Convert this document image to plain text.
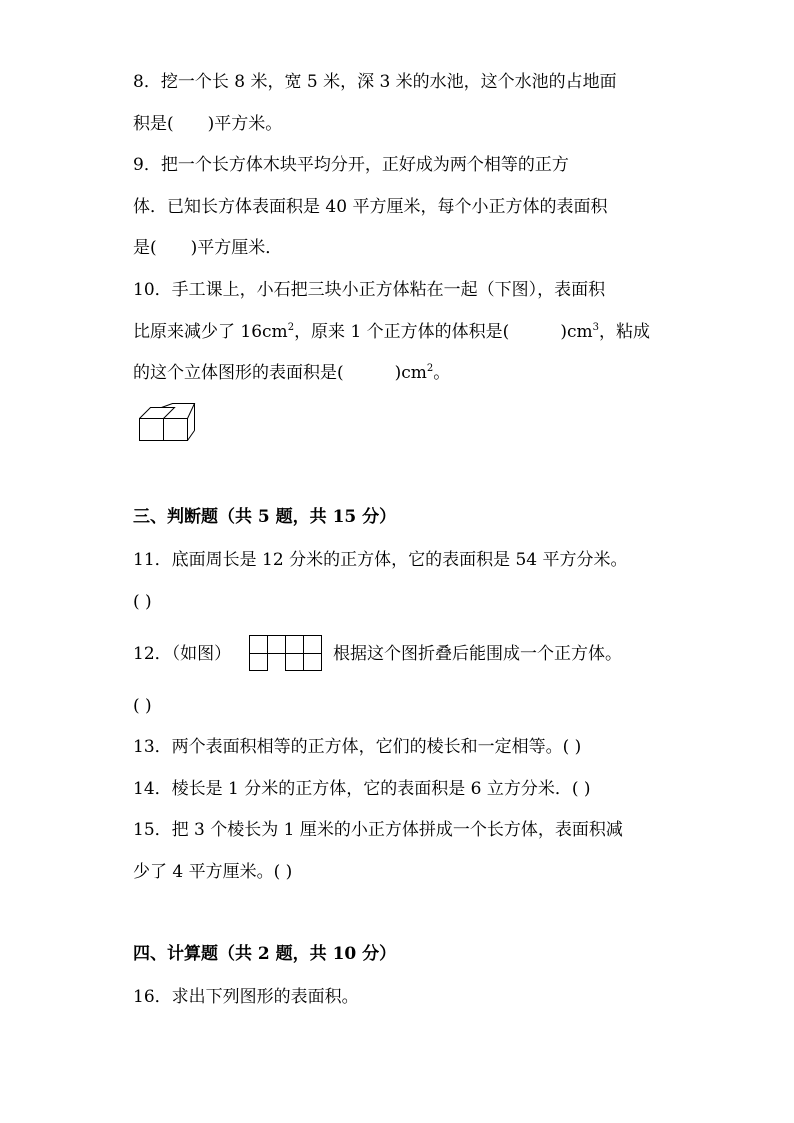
8．挖一个长 8 米，宽 5 米，深 3 米的水池，这个水池的占地面
积是(　　)平方米。
9．把一个长方体木块平均分开，正好成为两个相等的正方
体．已知长方体表面积是 40 平方厘米，每个小正方体的表面积
是(　　)平方厘米．
10．手工课上，小石把三块小正方体粘在一起（下图），表面积
比原来减少了 $16cm^2$，原来 1 个正方体的体积是(　　　)$cm^3$，粘成
的这个立体图形的表面积是(　　　)$cm^2$。
三、判断题（共 5 题，共 15 分）
11．底面周长是 12 分米的正方体，它的表面积是 54 平方分米。
( )
12．（如图）	根据这个图折叠后能围成一个正方体。
( )
13．两个表面积相等的正方体，它们的棱长和一定相等。( )
14．棱长是 1 分米的正方体，它的表面积是 6 立方分米．( )
15．把 3 个棱长为 1 厘米的小正方体拼成一个长方体，表面积减
少了 4 平方厘米。( )
四、计算题（共 2 题，共 10 分）
16．求出下列图形的表面积。
